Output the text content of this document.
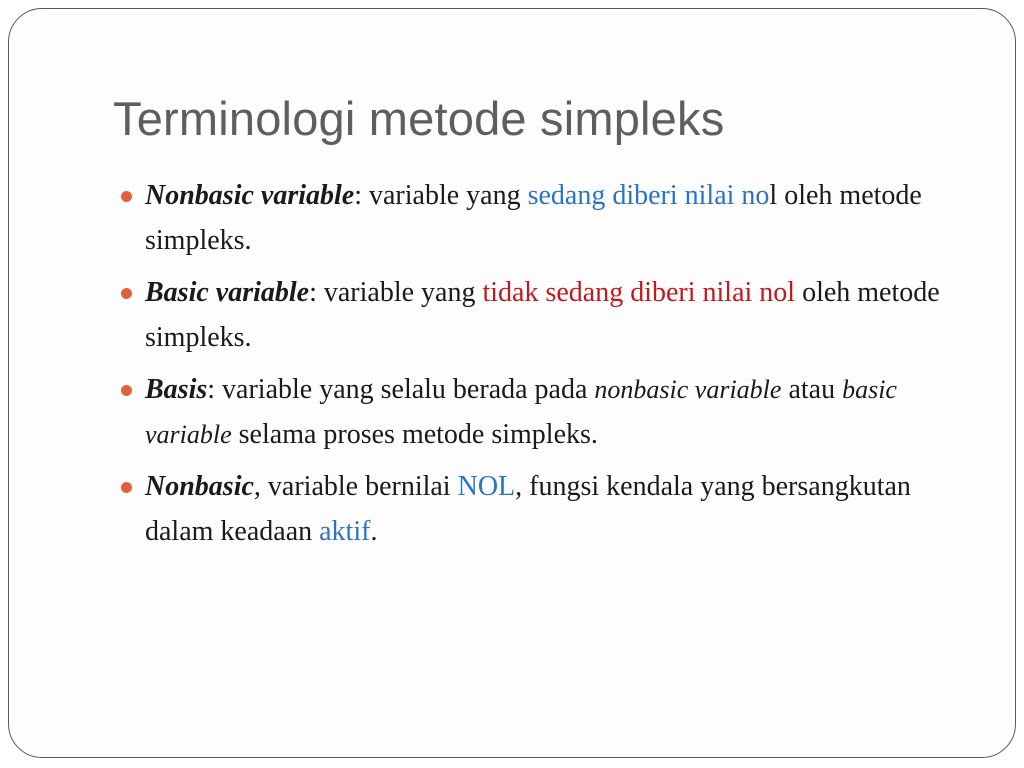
Terminologi metode simpleks
Nonbasic variable: variable yang sedang diberi nilai nol oleh metode simpleks.
Basic variable: variable yang tidak sedang diberi nilai nol oleh metode simpleks.
Basis: variable yang selalu berada pada nonbasic variable atau basic variable selama proses metode simpleks.
Nonbasic, variable bernilai NOL, fungsi kendala yang bersangkutan dalam keadaan aktif.
